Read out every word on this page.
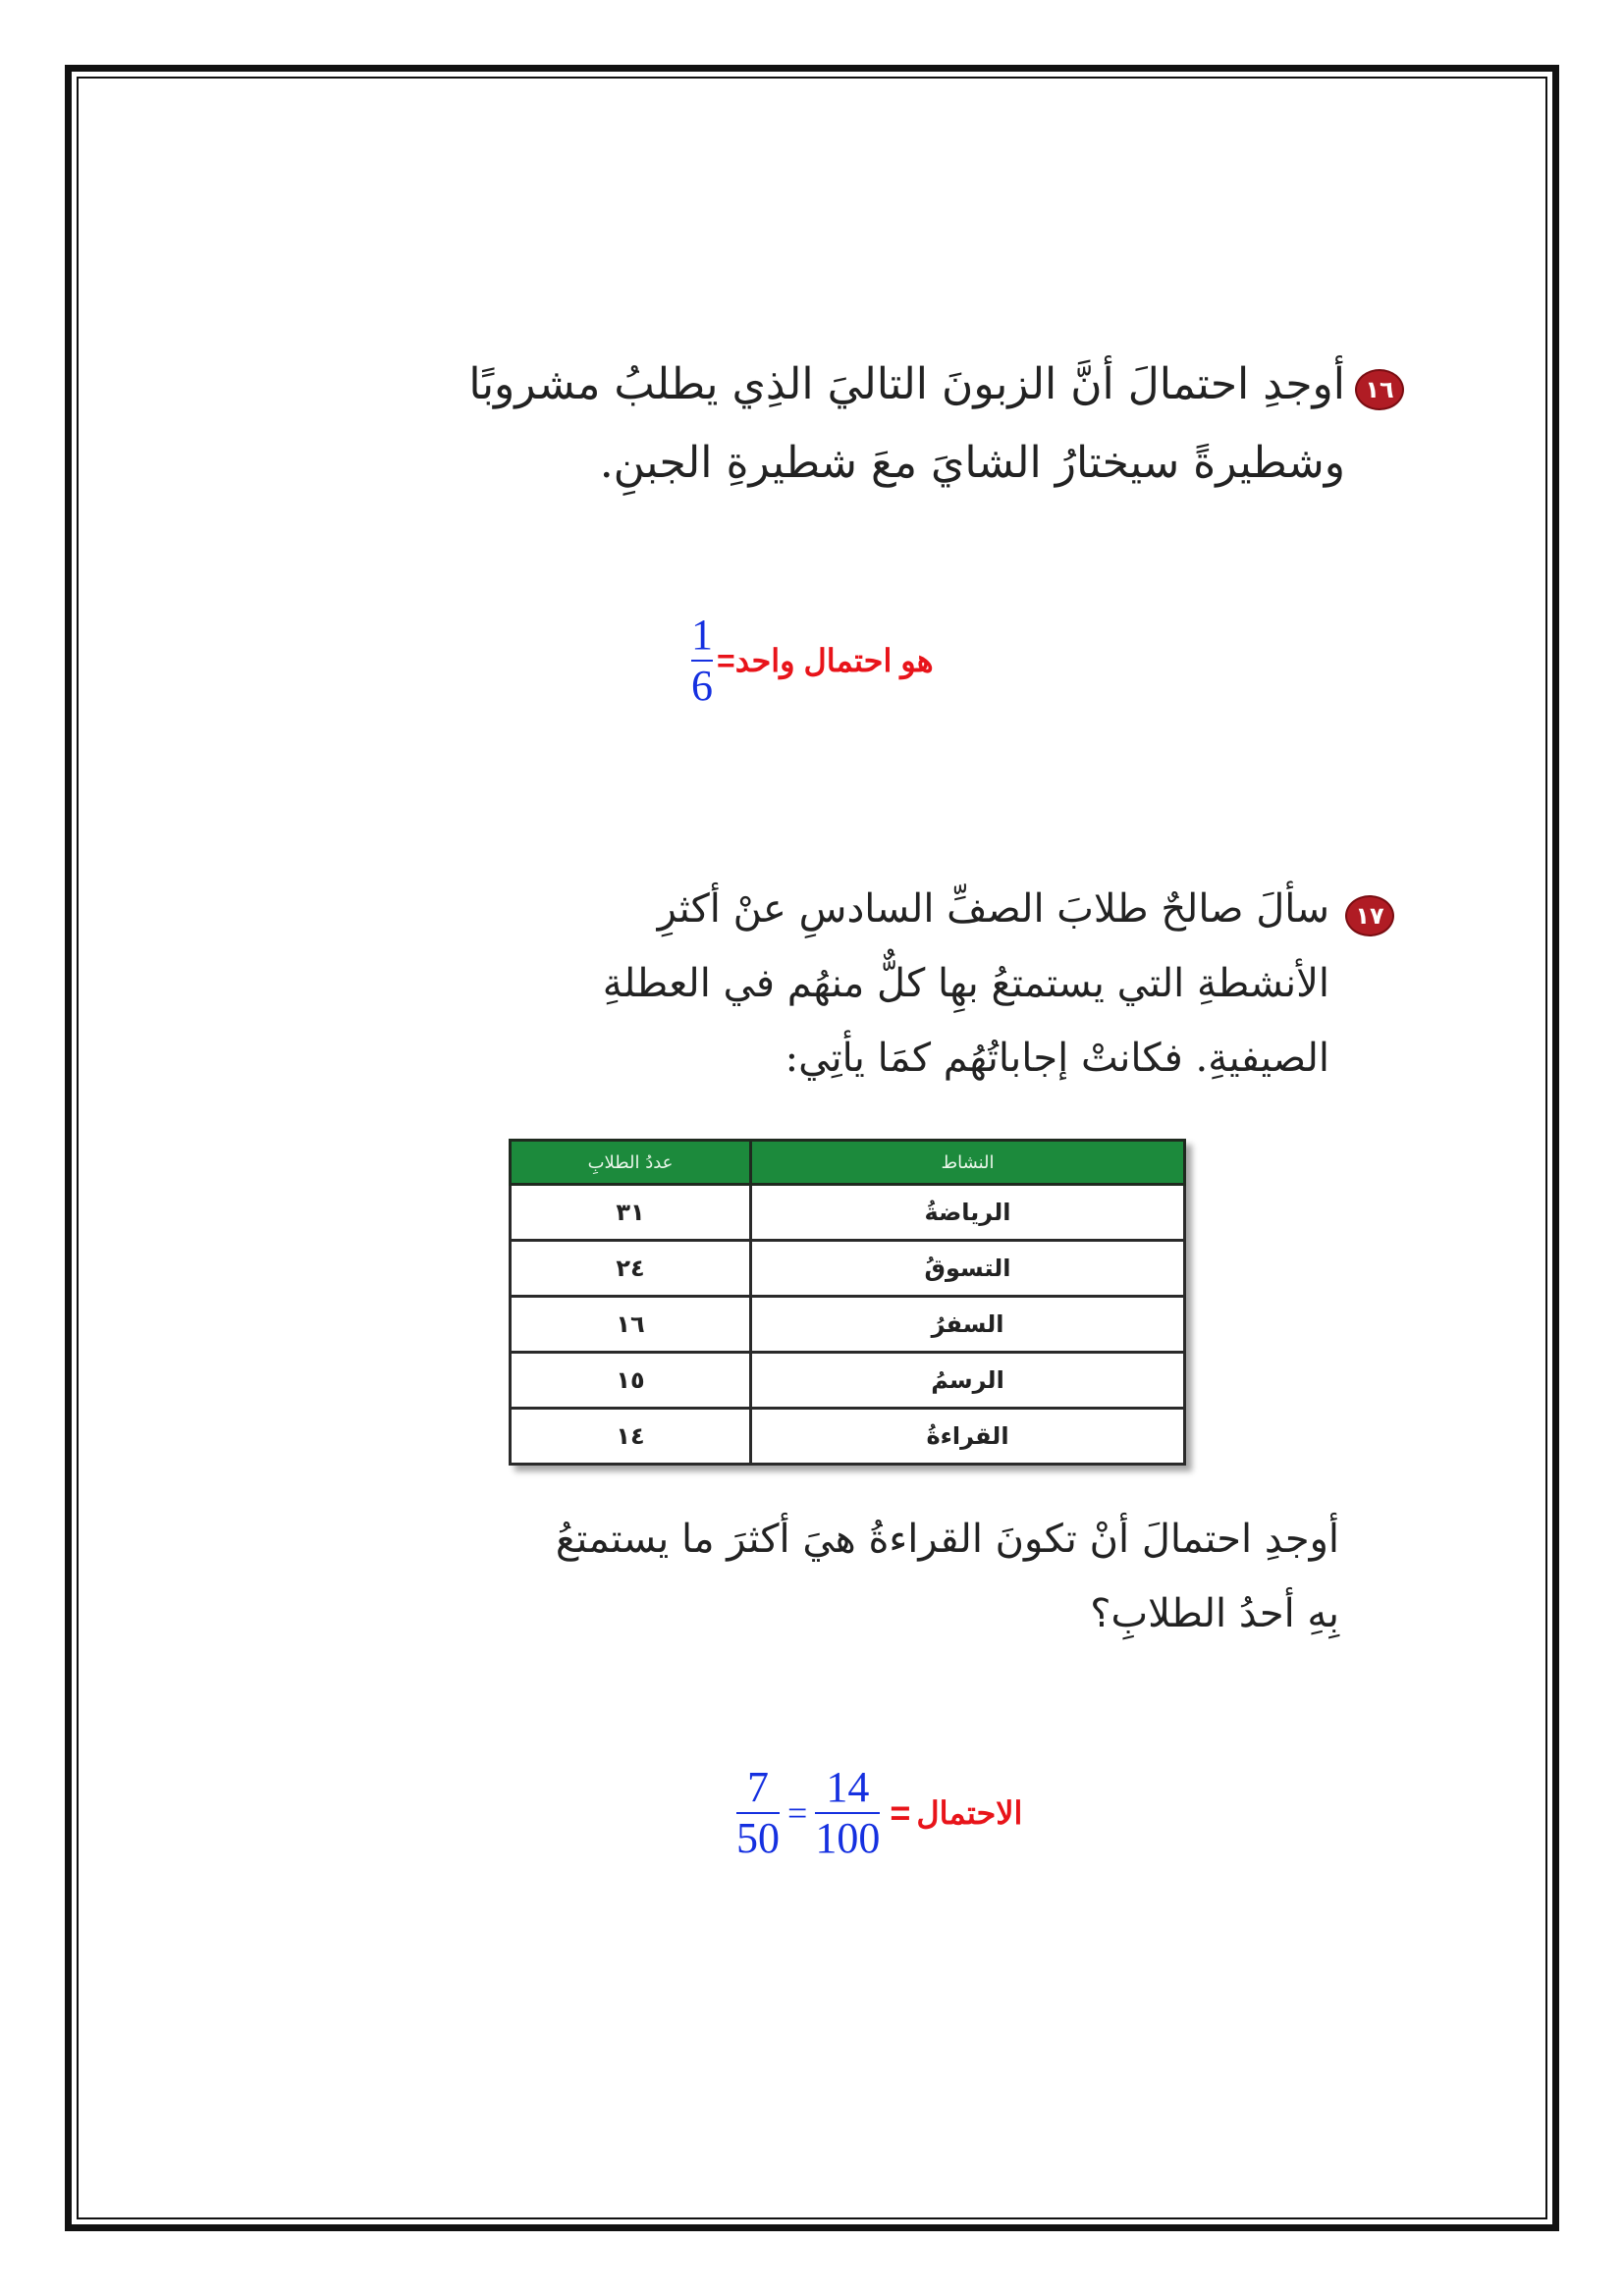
١٦
أوجدِ احتمالَ أنَّ الزبونَ التاليَ الذِي يطلبُ مشروبًا
وشطيرةً سيختارُ الشايَ معَ شطيرةِ الجبنِ.
$\frac{1}{6}$ هو احتمال واحد=
١٧
سألَ صالحٌ طلابَ الصفِّ السادسِ عنْ أكثرِ
الأنشطةِ التي يستمتعُ بهِا كلٌّ منهُم في العطلةِ
الصيفيةِ. فكانتْ إجاباتُهُم كمَا يأتِي:
النشاط	عددُ الطلابِ
الرياضةُ	٣١
التسوقُ	٢٤
السفرُ	١٦
الرسمُ	١٥
القراءةُ	١٤
أوجدِ احتمالَ أنْ تكونَ القراءةُ هيَ أكثرَ ما يستمتعُ
بِهِ أحدُ الطلابِ؟
$\frac{7}{50} = \frac{14}{100}$ = الاحتمال
